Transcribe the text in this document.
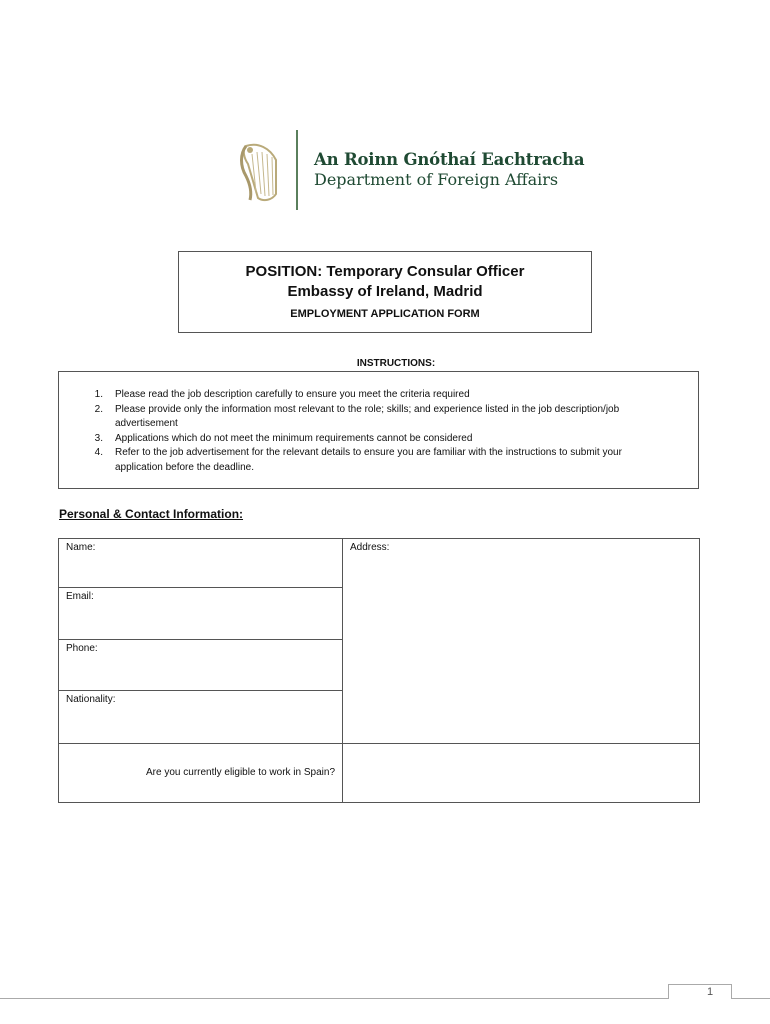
An Roinn Gnóthaí Eachtracha
Department of Foreign Affairs
POSITION: Temporary Consular Officer
Embassy of Ireland, Madrid
EMPLOYMENT APPLICATION FORM
INSTRUCTIONS:
1.	Please read the job description carefully to ensure you meet the criteria required
2.	Please provide only the information most relevant to the role; skills; and experience listed in the job description/job advertisement
3.	Applications which do not meet the minimum requirements cannot be considered
4.	Refer to the job advertisement for the relevant details to ensure you are familiar with the instructions to submit your application before the deadline.
Personal & Contact Information:
Name:
Email:
Phone:
Nationality:
Address:
Are you currently eligible to work in Spain?
1
